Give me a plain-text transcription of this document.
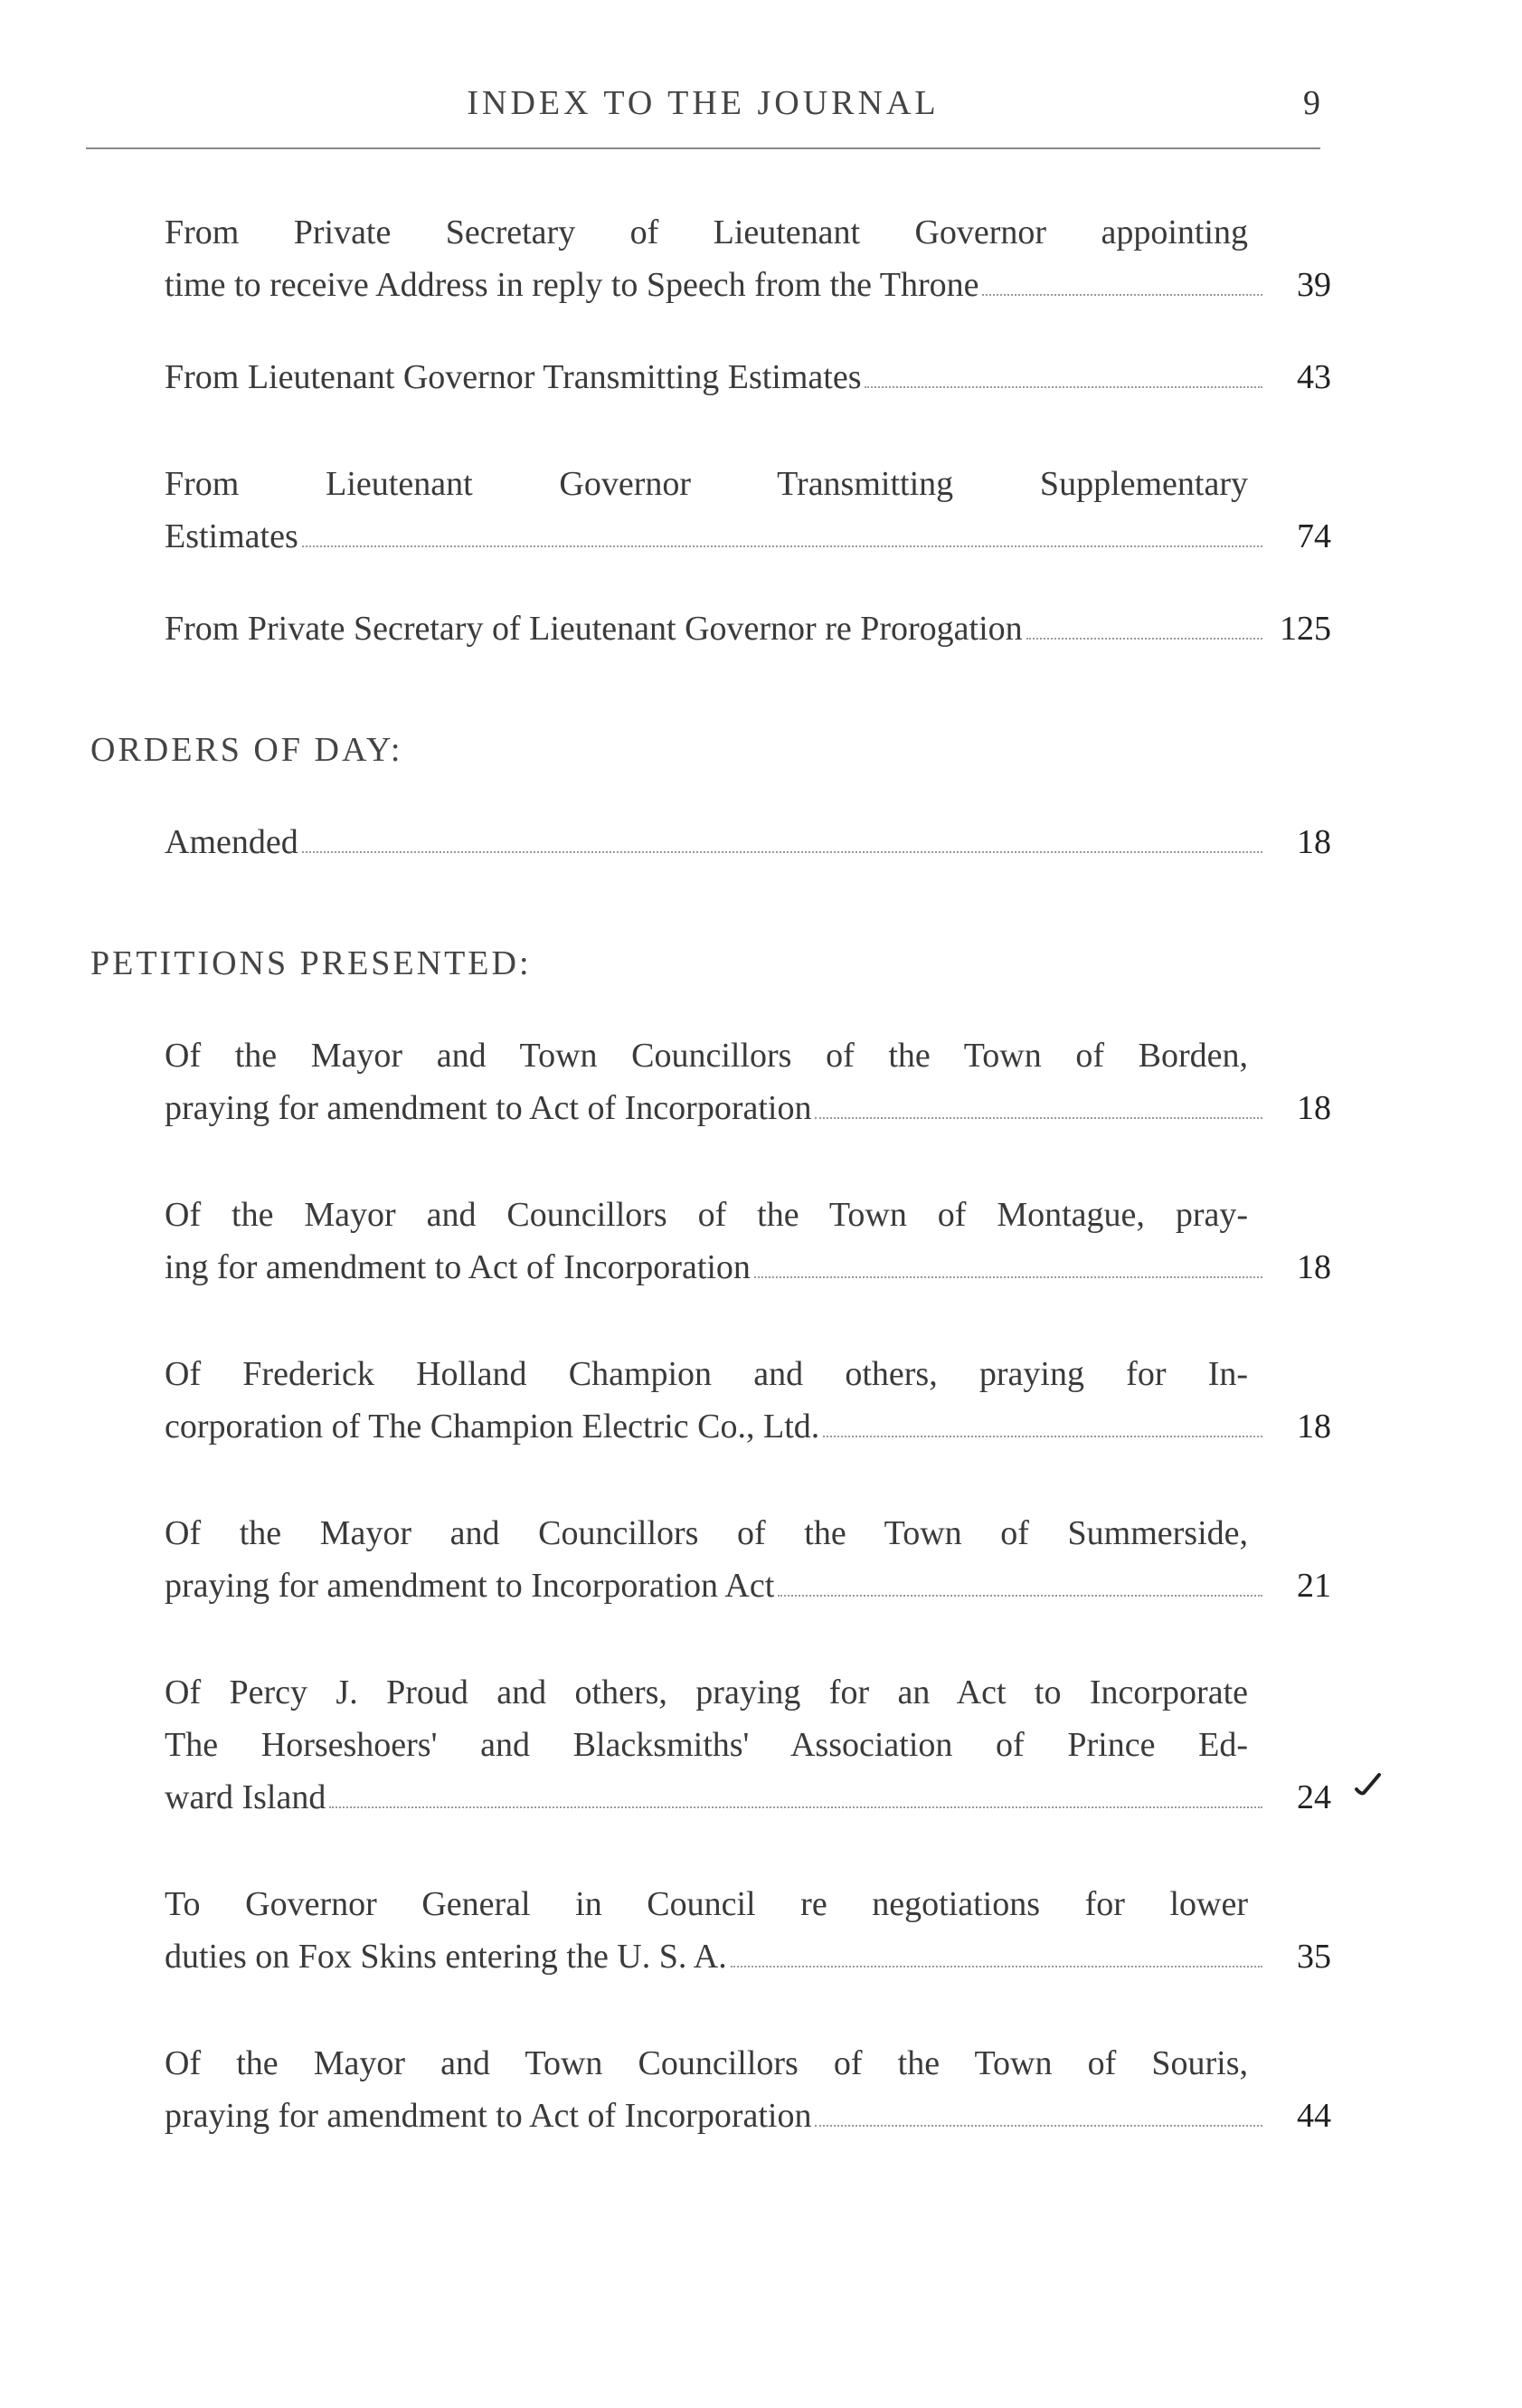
INDEX TO THE JOURNAL	9
From Private Secretary of Lieutenant Governor appointing
time to receive Address in reply to Speech from the Throne	39
From Lieutenant Governor Transmitting Estimates	43
From Lieutenant Governor Transmitting Supplementary
Estimates	74
From Private Secretary of Lieutenant Governor re Prorogation	125
ORDERS OF DAY:
Amended	18
PETITIONS PRESENTED:
Of the Mayor and Town Councillors of the Town of Borden,
praying for amendment to Act of Incorporation	18
Of the Mayor and Councillors of the Town of Montague, pray-
ing for amendment to Act of Incorporation	18
Of Frederick Holland Champion and others, praying for In-
corporation of The Champion Electric Co., Ltd.	18
Of the Mayor and Councillors of the Town of Summerside,
praying for amendment to Incorporation Act	21
Of Percy J. Proud and others, praying for an Act to Incorporate
The Horseshoers' and Blacksmiths' Association of Prince Ed-
ward Island	24
To Governor General in Council re negotiations for lower
duties on Fox Skins entering the U. S. A.	35
Of the Mayor and Town Councillors of the Town of Souris,
praying for amendment to Act of Incorporation	44
